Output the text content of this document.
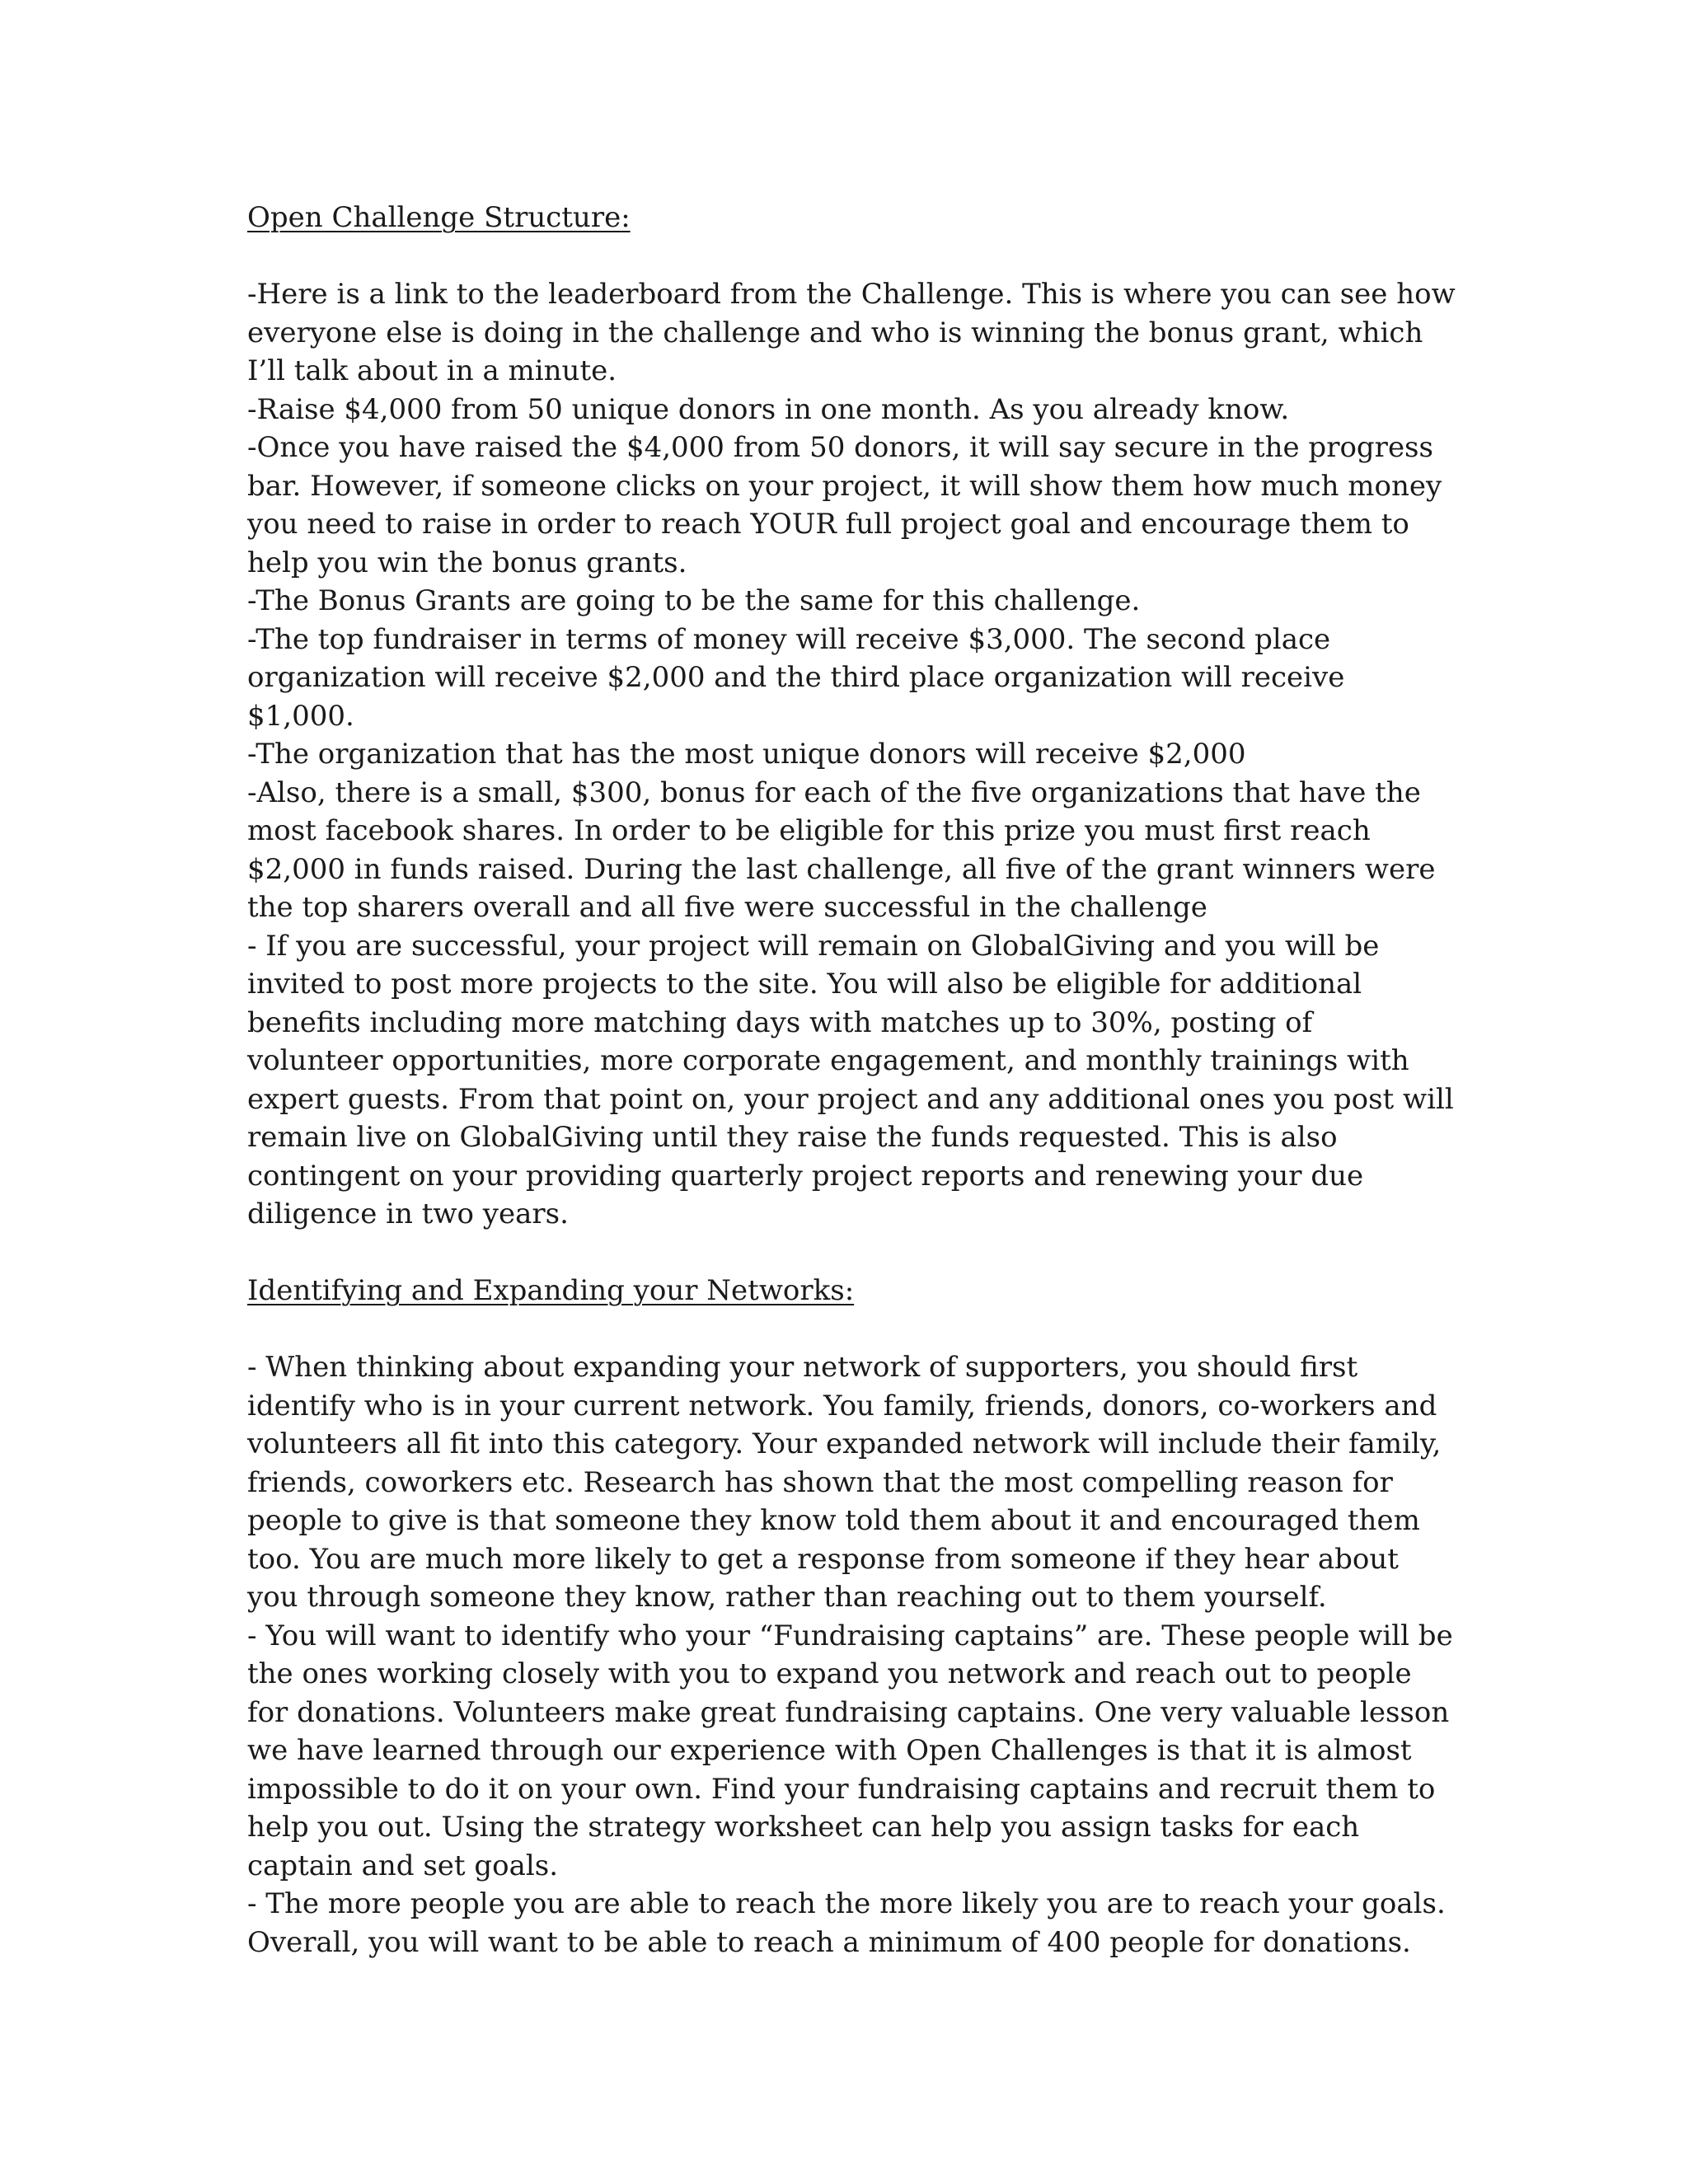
Open Challenge Structure:
-Here is a link to the leaderboard from the Challenge. This is where you can see how
everyone else is doing in the challenge and who is winning the bonus grant, which
I’ll talk about in a minute.
-Raise $4,000 from 50 unique donors in one month. As you already know.
-Once you have raised the $4,000 from 50 donors, it will say secure in the progress
bar. However, if someone clicks on your project, it will show them how much money
you need to raise in order to reach YOUR full project goal and encourage them to
help you win the bonus grants.
-The Bonus Grants are going to be the same for this challenge.
-The top fundraiser in terms of money will receive $3,000. The second place
organization will receive $2,000 and the third place organization will receive
$1,000.
-The organization that has the most unique donors will receive $2,000
-Also, there is a small, $300, bonus for each of the five organizations that have the
most facebook shares. In order to be eligible for this prize you must first reach
$2,000 in funds raised. During the last challenge, all five of the grant winners were
the top sharers overall and all five were successful in the challenge
- If you are successful, your project will remain on GlobalGiving and you will be
invited to post more projects to the site. You will also be eligible for additional
benefits including more matching days with matches up to 30%, posting of
volunteer opportunities, more corporate engagement, and monthly trainings with
expert guests. From that point on, your project and any additional ones you post will
remain live on GlobalGiving until they raise the funds requested. This is also
contingent on your providing quarterly project reports and renewing your due
diligence in two years.
Identifying and Expanding your Networks:
- When thinking about expanding your network of supporters, you should first
identify who is in your current network. You family, friends, donors, co-workers and
volunteers all fit into this category. Your expanded network will include their family,
friends, coworkers etc. Research has shown that the most compelling reason for
people to give is that someone they know told them about it and encouraged them
too. You are much more likely to get a response from someone if they hear about
you through someone they know, rather than reaching out to them yourself.
- You will want to identify who your “Fundraising captains” are. These people will be
the ones working closely with you to expand you network and reach out to people
for donations. Volunteers make great fundraising captains. One very valuable lesson
we have learned through our experience with Open Challenges is that it is almost
impossible to do it on your own. Find your fundraising captains and recruit them to
help you out. Using the strategy worksheet can help you assign tasks for each
captain and set goals.
- The more people you are able to reach the more likely you are to reach your goals.
Overall, you will want to be able to reach a minimum of 400 people for donations.
